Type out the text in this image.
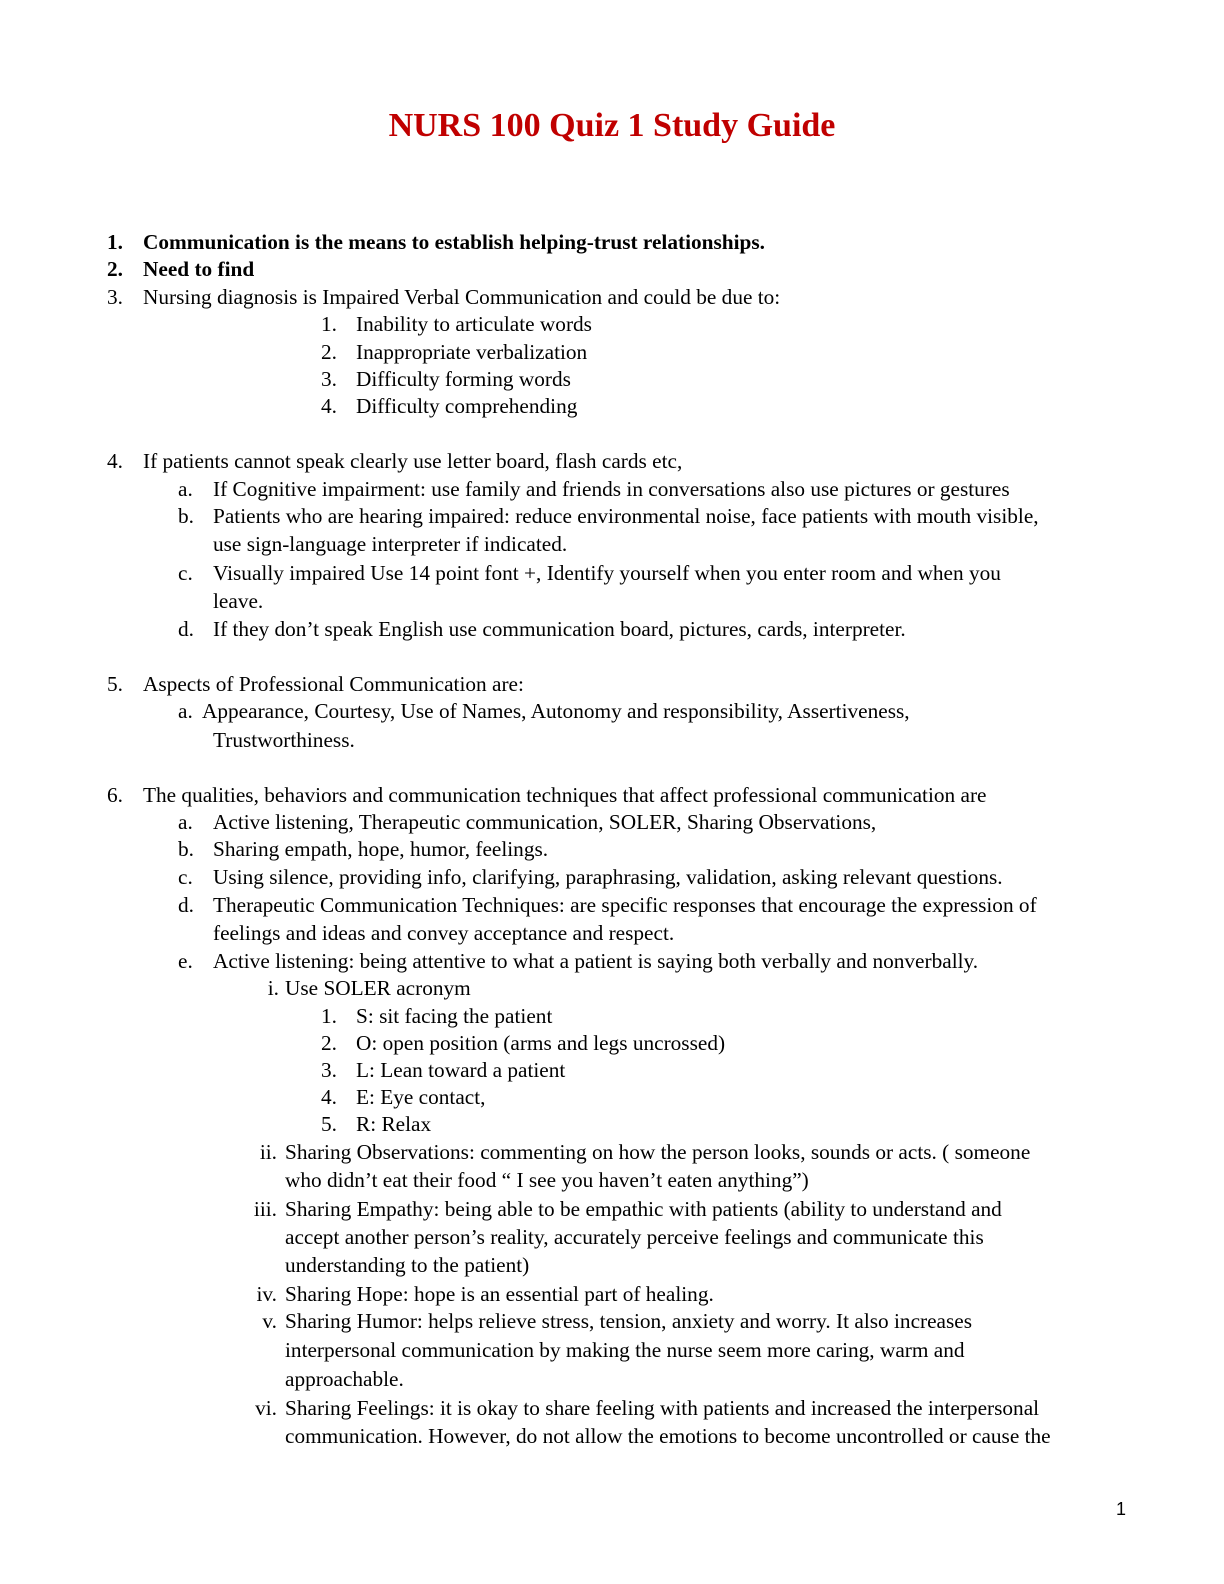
NURS 100 Quiz 1 Study Guide
1. Communication is the means to establish helping-trust relationships.
2. Need to find
3. Nursing diagnosis is Impaired Verbal Communication and could be due to:
1. Inability to articulate words
2. Inappropriate verbalization
3. Difficulty forming words
4. Difficulty comprehending
4. If patients cannot speak clearly use letter board, flash cards etc,
a. If Cognitive impairment: use family and friends in conversations also use pictures or gestures
b. Patients who are hearing impaired: reduce environmental noise, face patients with mouth visible,
use sign-language interpreter if indicated.
c. Visually impaired Use 14 point font +, Identify yourself when you enter room and when you
leave.
d. If they don’t speak English use communication board, pictures, cards, interpreter.
5. Aspects of Professional Communication are:
a. Appearance, Courtesy, Use of Names, Autonomy and responsibility, Assertiveness,
Trustworthiness.
6. The qualities, behaviors and communication techniques that affect professional communication are
a. Active listening, Therapeutic communication, SOLER, Sharing Observations,
b. Sharing empath, hope, humor, feelings.
c. Using silence, providing info, clarifying, paraphrasing, validation, asking relevant questions.
d. Therapeutic Communication Techniques: are specific responses that encourage the expression of
feelings and ideas and convey acceptance and respect.
e. Active listening: being attentive to what a patient is saying both verbally and nonverbally.
i. Use SOLER acronym
1. S: sit facing the patient
2. O: open position (arms and legs uncrossed)
3. L: Lean toward a patient
4. E: Eye contact,
5. R: Relax
ii. Sharing Observations: commenting on how the person looks, sounds or acts. ( someone
who didn’t eat their food “ I see you haven’t eaten anything”)
iii. Sharing Empathy: being able to be empathic with patients (ability to understand and
accept another person’s reality, accurately perceive feelings and communicate this
understanding to the patient)
iv. Sharing Hope: hope is an essential part of healing.
v. Sharing Humor: helps relieve stress, tension, anxiety and worry. It also increases
interpersonal communication by making the nurse seem more caring, warm and
approachable.
vi. Sharing Feelings: it is okay to share feeling with patients and increased the interpersonal
communication. However, do not allow the emotions to become uncontrolled or cause the
1
